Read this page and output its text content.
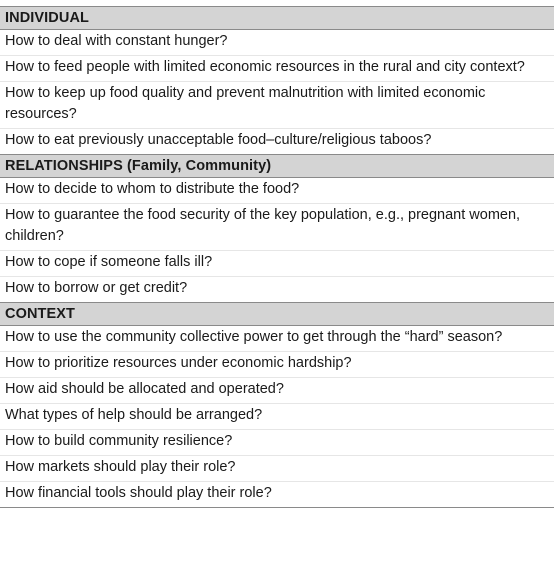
INDIVIDUAL
How to deal with constant hunger?
How to feed people with limited economic resources in the rural and city context?
How to keep up food quality and prevent malnutrition with limited economic resources?
How to eat previously unacceptable food–culture/religious taboos?
RELATIONSHIPS (Family, Community)
How to decide to whom to distribute the food?
How to guarantee the food security of the key population, e.g., pregnant women, children?
How to cope if someone falls ill?
How to borrow or get credit?
CONTEXT
How to use the community collective power to get through the “hard” season?
How to prioritize resources under economic hardship?
How aid should be allocated and operated?
What types of help should be arranged?
How to build community resilience?
How markets should play their role?
How financial tools should play their role?
